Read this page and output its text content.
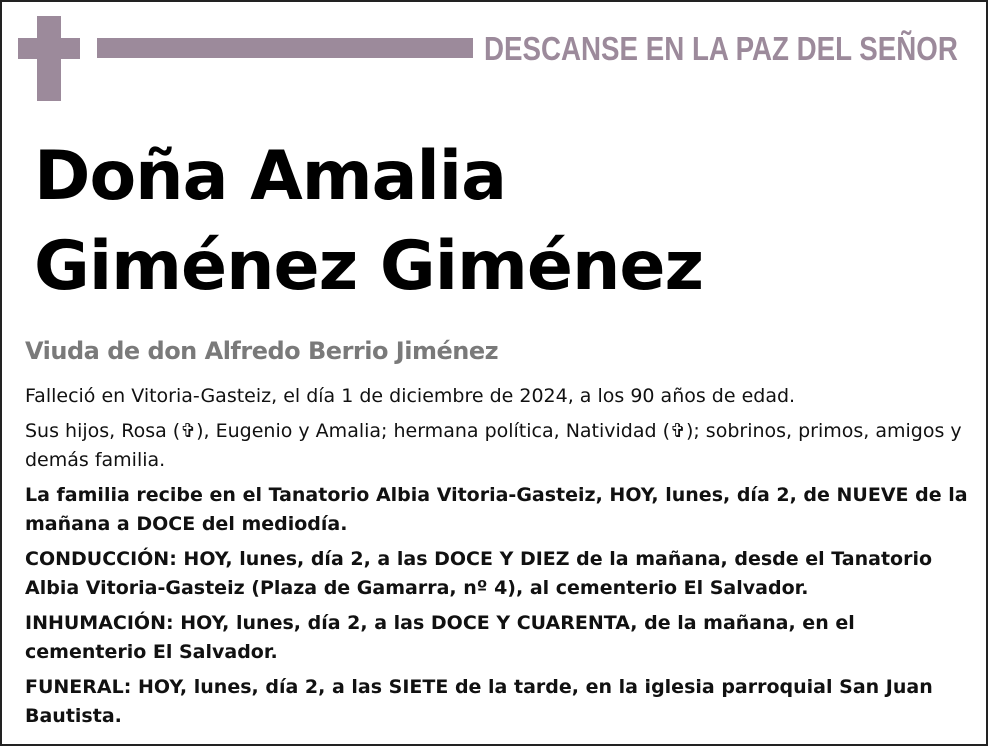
DESCANSE EN LA PAZ DEL SEÑOR
Doña Amalia
Giménez Giménez
Viuda de don Alfredo Berrio Jiménez

Falleció en Vitoria-Gasteiz, el día 1 de diciembre de 2024, a los 90 años de edad.

Sus hijos, Rosa (✞), Eugenio y Amalia; hermana política, Natividad (✞); sobrinos, primos, amigos y demás familia.

La familia recibe en el Tanatorio Albia Vitoria-Gasteiz, HOY, lunes, día 2, de NUEVE de la mañana a DOCE del mediodía.

CONDUCCIÓN: HOY, lunes, día 2, a las DOCE Y DIEZ de la mañana, desde el Tanatorio Albia Vitoria-Gasteiz (Plaza de Gamarra, nº 4), al cementerio El Salvador.

INHUMACIÓN: HOY, lunes, día 2, a las DOCE Y CUARENTA, de la mañana, en el cementerio El Salvador.

FUNERAL: HOY, lunes, día 2, a las SIETE de la tarde, en la iglesia parroquial San Juan Bautista.
